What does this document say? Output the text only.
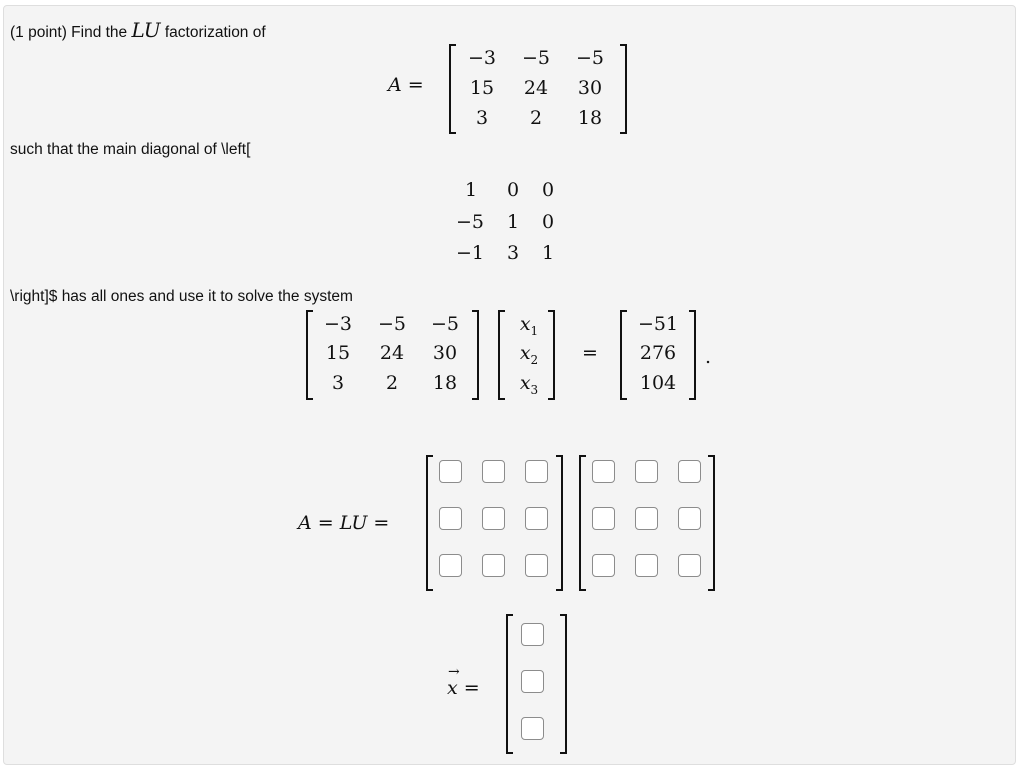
(1 point) Find the LU factorization of
A =
−3 −5 −5
15	24	30
3	2	18
such that the main diagonal of \left[
1	0	0
−5	1	0
−1	3	1
\right]$ has all ones and use it to solve the system
−3	−5	−5
15	24	30
3	2	18
$x_1$
$x_2$
$x_3$
=
−51
276
104
.
A = LU =
x
→
=
